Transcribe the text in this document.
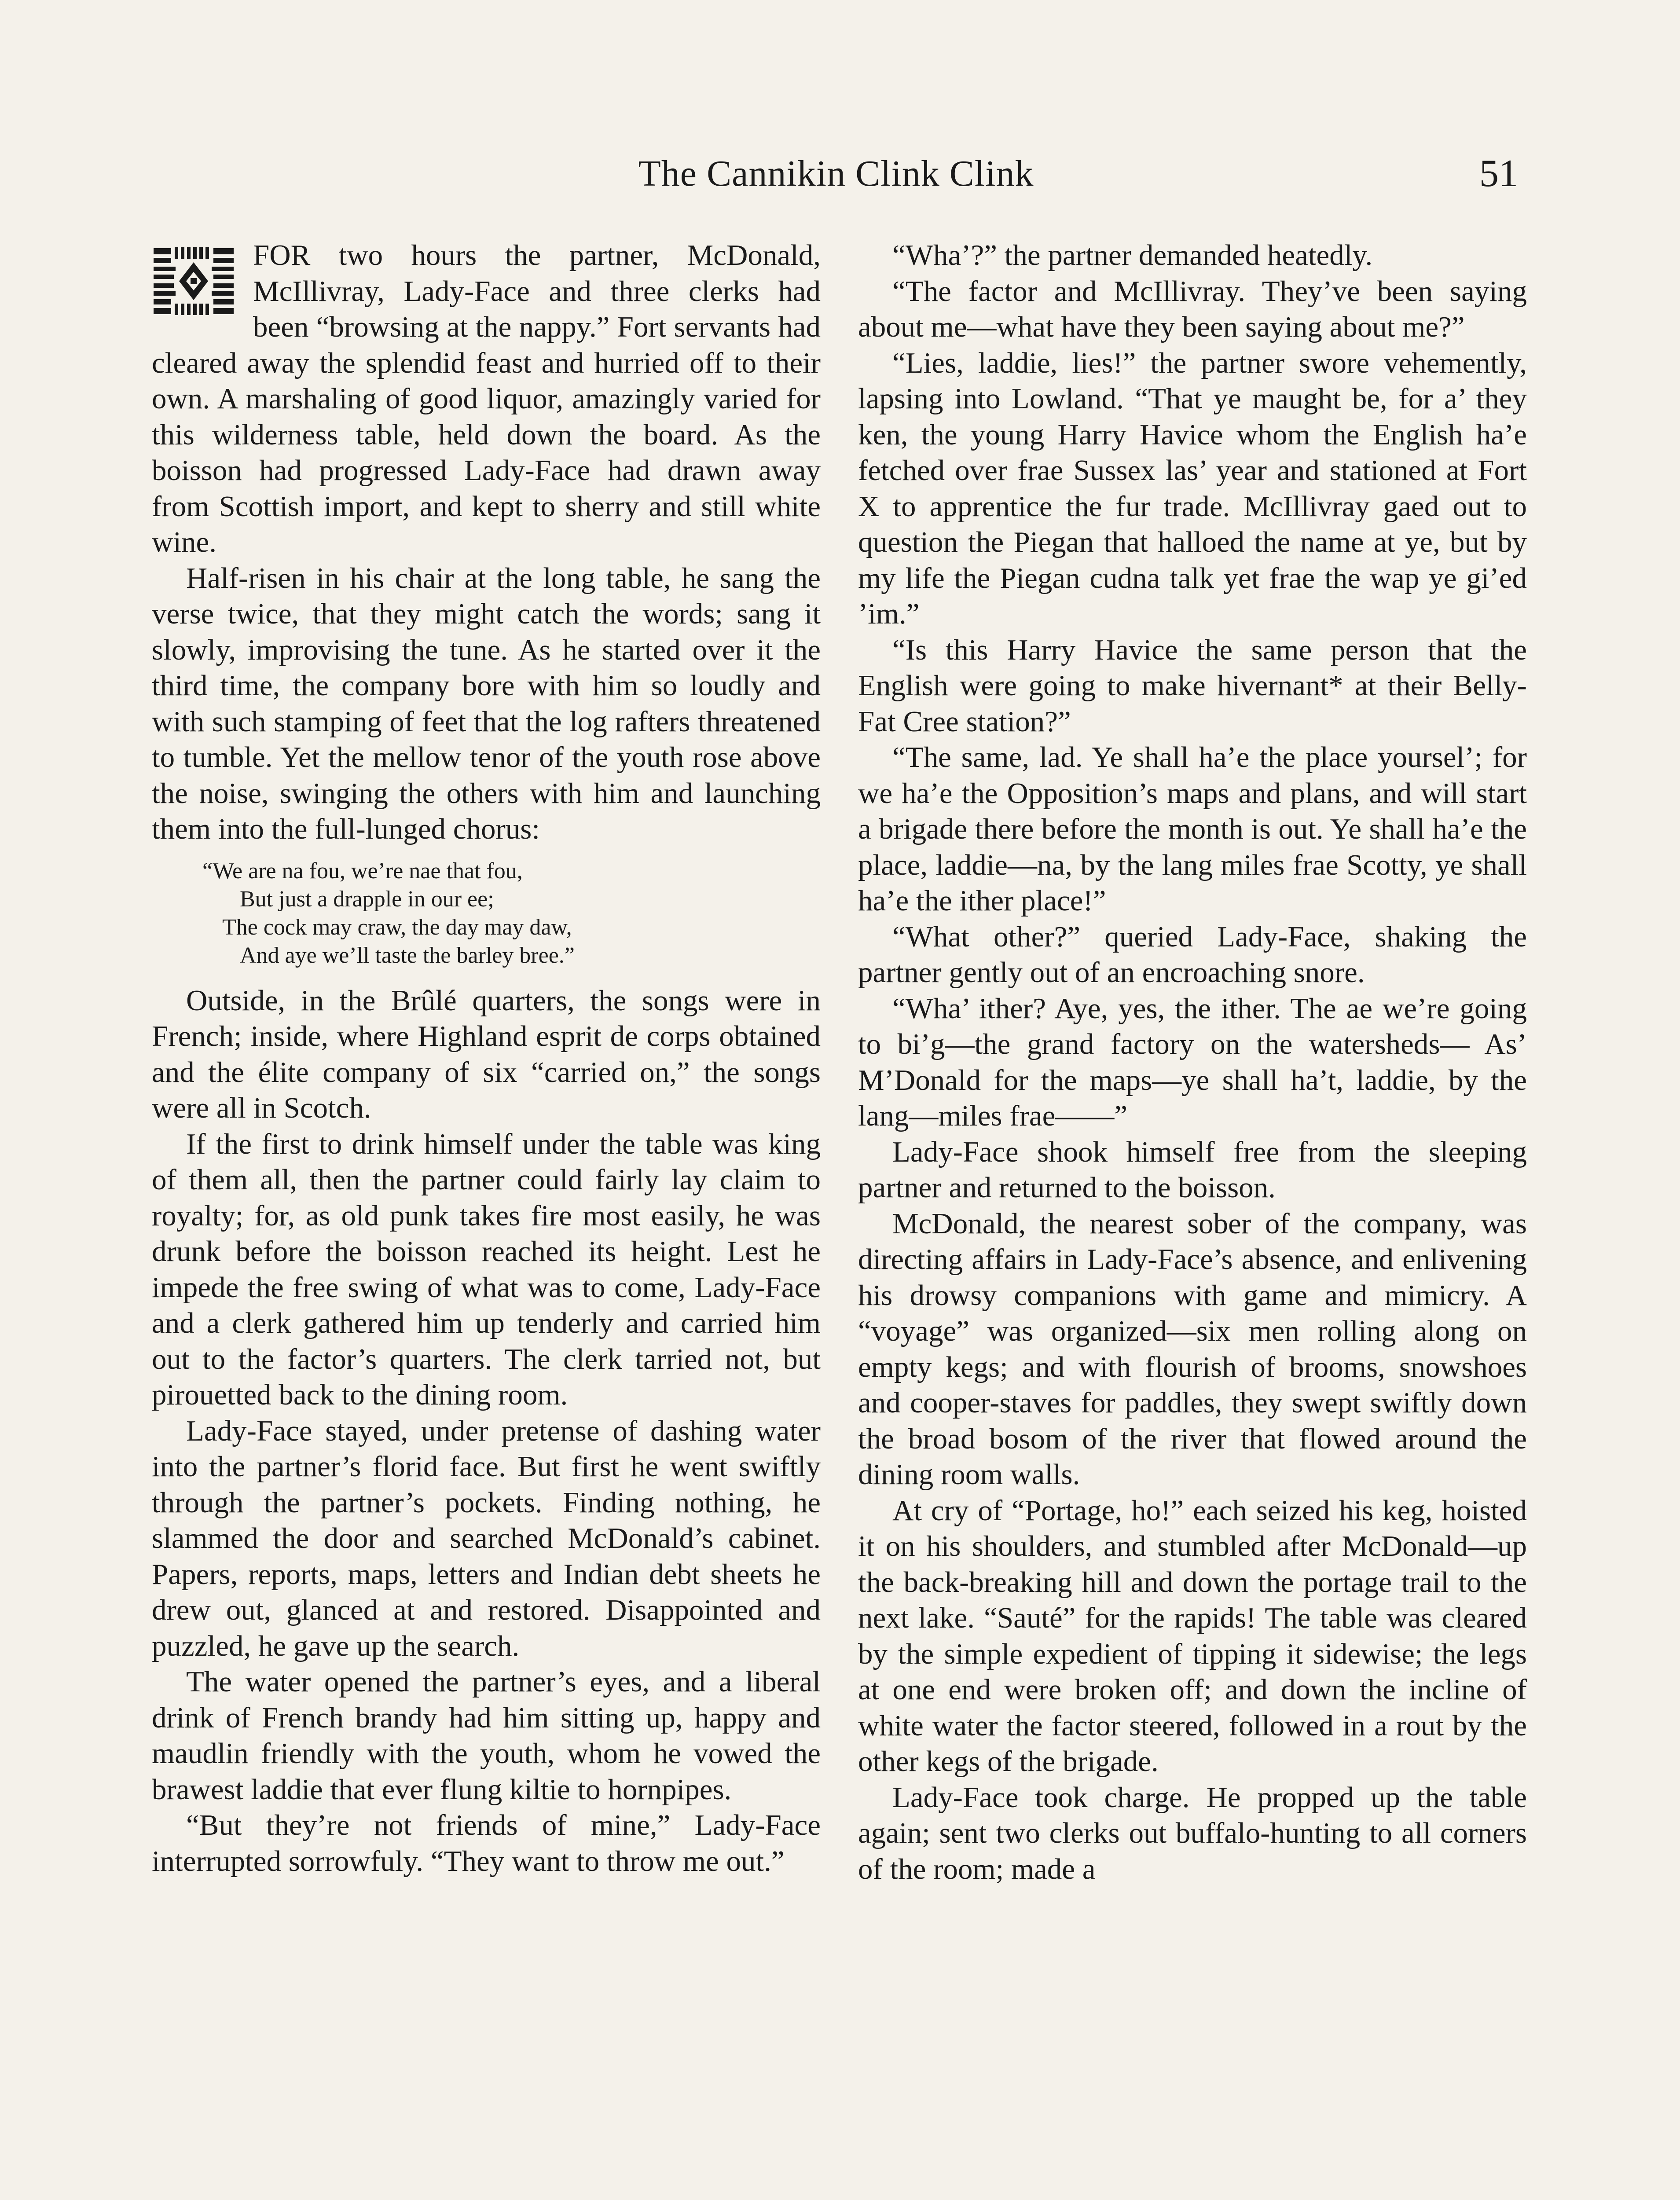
The Cannikin Clink Clink	51

FOR two hours the partner, McDonald, McIllivray, Lady-Face and three clerks had been “browsing at the nappy.” Fort servants had cleared away the splendid feast and hurried off to their own. A marshaling of good liquor, amazingly varied for this wilderness table, held down the board. As the boisson had progressed Lady-Face had drawn away from Scottish import, and kept to sherry and still white wine.

Half-risen in his chair at the long table, he sang the verse twice, that they might catch the words; sang it slowly, improvising the tune. As he started over it the third time, the company bore with him so loudly and with such stamping of feet that the log rafters threatened to tumble. Yet the mellow tenor of the youth rose above the noise, swinging the others with him and launching them into the full-lunged chorus:

“We are na fou, we’re nae that fou,
But just a drapple in our ee;
The cock may craw, the day may daw,
And aye we’ll taste the barley bree.”

Outside, in the Brûlé quarters, the songs were in French; inside, where Highland esprit de corps obtained and the élite company of six “carried on,” the songs were all in Scotch.

If the first to drink himself under the table was king of them all, then the partner could fairly lay claim to royalty; for, as old punk takes fire most easily, he was drunk before the boisson reached its height. Lest he impede the free swing of what was to come, Lady-Face and a clerk gathered him up tenderly and carried him out to the factor’s quarters. The clerk tarried not, but pirouetted back to the dining room.

Lady-Face stayed, under pretense of dashing water into the partner’s florid face. But first he went swiftly through the partner’s pockets. Finding nothing, he slammed the door and searched McDonald’s cabinet. Papers, reports, maps, letters and Indian debt sheets he drew out, glanced at and restored. Disappointed and puzzled, he gave up the search.

The water opened the partner’s eyes, and a liberal drink of French brandy had him sitting up, happy and maudlin friendly with the youth, whom he vowed the brawest laddie that ever flung kiltie to hornpipes.

“But they’re not friends of mine,” Lady-Face interrupted sorrowfuly. “They want to throw me out.”

“Wha’?” the partner demanded heatedly.

“The factor and McIllivray. They’ve been saying about me—what have they been saying about me?”

“Lies, laddie, lies!” the partner swore vehemently, lapsing into Lowland. “That ye maught be, for a’ they ken, the young Harry Havice whom the English ha’e fetched over frae Sussex las’ year and stationed at Fort X to apprentice the fur trade. McIllivray gaed out to question the Piegan that halloed the name at ye, but by my life the Piegan cudna talk yet frae the wap ye gi’ed ’im.”

“Is this Harry Havice the same person that the English were going to make hivernant* at their Belly-Fat Cree station?”

“The same, lad. Ye shall ha’e the place yoursel’; for we ha’e the Opposition’s maps and plans, and will start a brigade there before the month is out. Ye shall ha’e the place, laddie—na, by the lang miles frae Scotty, ye shall ha’e the ither place!”

“What other?” queried Lady-Face, shaking the partner gently out of an encroaching snore.

“Wha’ ither? Aye, yes, the ither. The ae we’re going to bi’g—the grand factory on the watersheds— As’ M’Donald for the maps—ye shall ha’t, laddie, by the lang—miles frae——”

Lady-Face shook himself free from the sleeping partner and returned to the boisson.

McDonald, the nearest sober of the company, was directing affairs in Lady-Face’s absence, and enlivening his drowsy companions with game and mimicry. A “voyage” was organized—six men rolling along on empty kegs; and with flourish of brooms, snowshoes and cooper-staves for paddles, they swept swiftly down the broad bosom of the river that flowed around the dining room walls.

At cry of “Portage, ho!” each seized his keg, hoisted it on his shoulders, and stumbled after McDonald—up the back-breaking hill and down the portage trail to the next lake. “Sauté” for the rapids! The table was cleared by the simple expedient of tipping it sidewise; the legs at one end were broken off; and down the incline of white water the factor steered, followed in a rout by the other kegs of the brigade.

Lady-Face took charge. He propped up the table again; sent two clerks out buffalo-hunting to all corners of the room; made a
